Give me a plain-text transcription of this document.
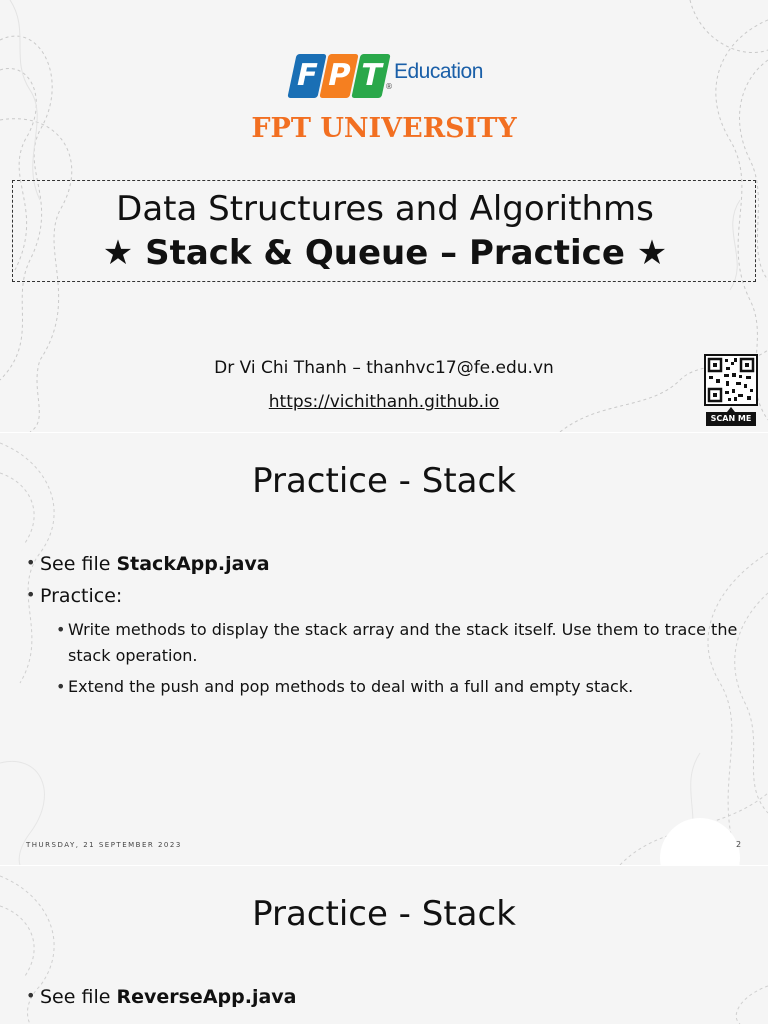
F P T ®
Education
FPT UNIVERSITY
Data Structures and Algorithms
★ Stack & Queue – Practice ★
Dr Vi Chi Thanh – thanhvc17@fe.edu.vn
https://vichithanh.github.io
SCAN ME
Practice - Stack
• See file StackApp.java
• Practice:
• Write methods to display the stack array and the stack itself. Use them to trace the stack operation.
• Extend the push and pop methods to deal with a full and empty stack.
THURSDAY, 21 SEPTEMBER 2023	2
Practice - Stack
• See file ReverseApp.java
